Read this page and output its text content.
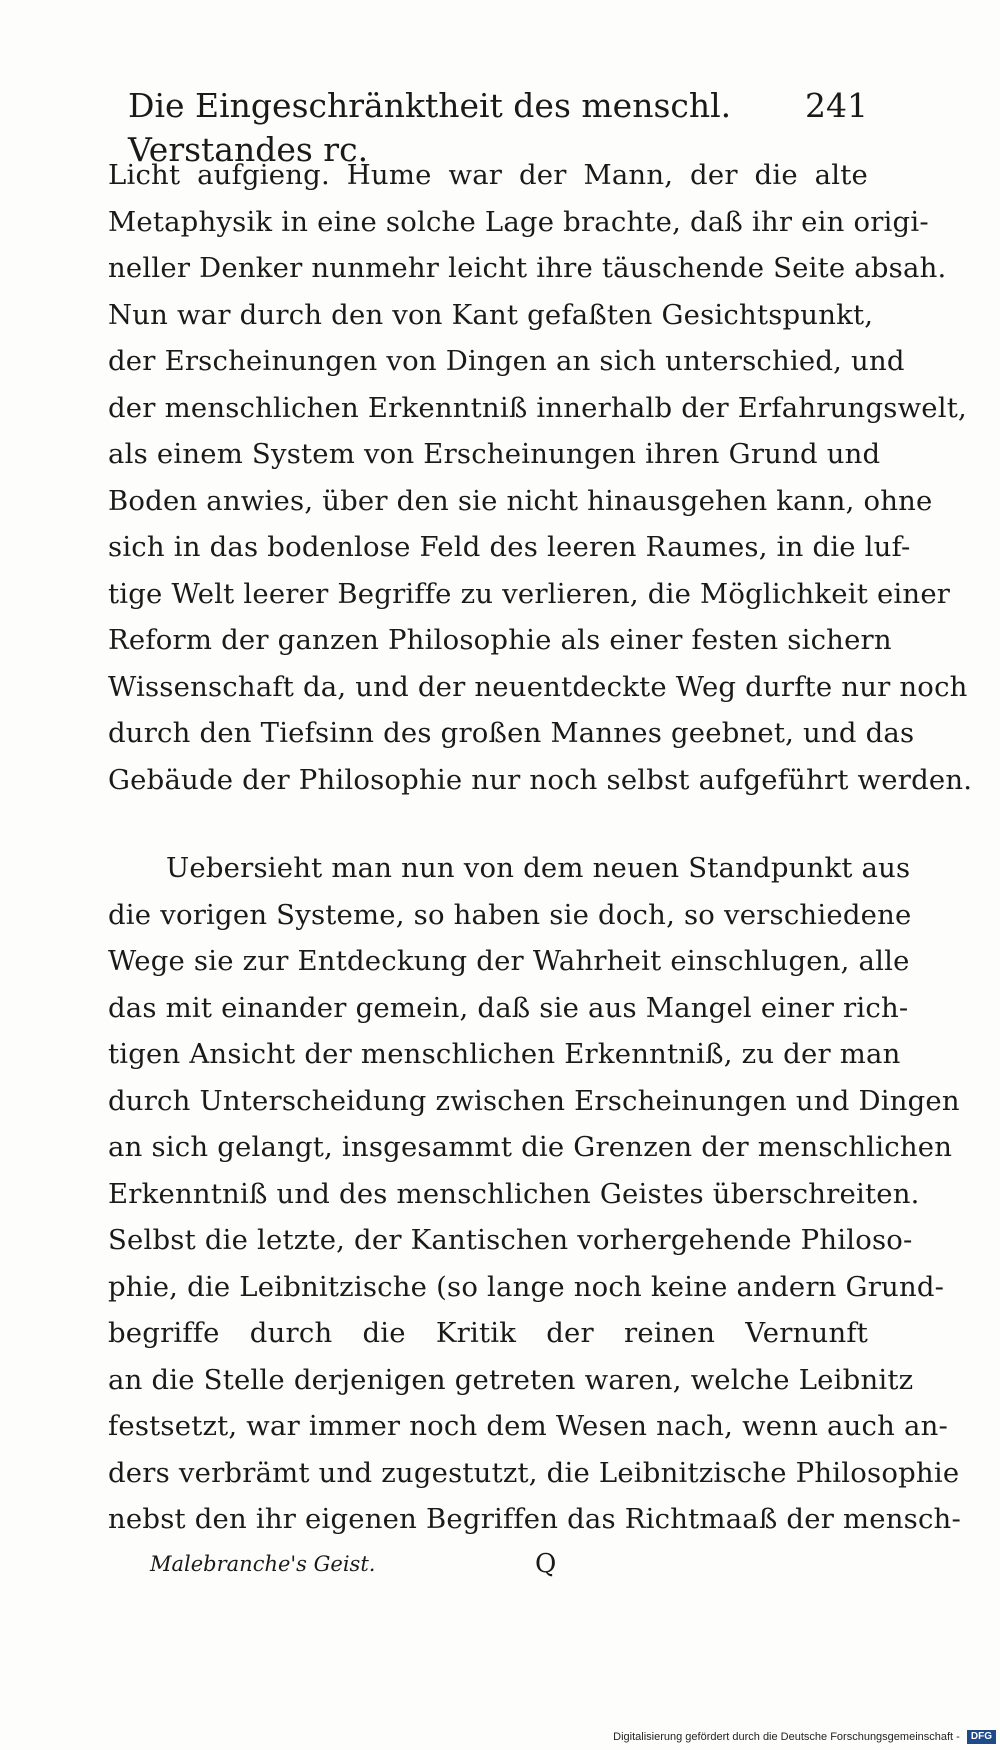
Die Eingeschränktheit des menschl. Verstandes rc.
241
Licht aufgieng. Hume war der Mann, der die alte
Metaphysik in eine solche Lage brachte, daß ihr ein origi-
neller Denker nunmehr leicht ihre täuschende Seite absah.
Nun war durch den von Kant gefaßten Gesichtspunkt,
der Erscheinungen von Dingen an sich unterschied, und
der menschlichen Erkenntniß innerhalb der Erfahrungswelt,
als einem System von Erscheinungen ihren Grund und
Boden anwies, über den sie nicht hinausgehen kann, ohne
sich in das bodenlose Feld des leeren Raumes, in die luf-
tige Welt leerer Begriffe zu verlieren, die Möglichkeit einer
Reform der ganzen Philosophie als einer festen sichern
Wissenschaft da, und der neuentdeckte Weg durfte nur noch
durch den Tiefsinn des großen Mannes geebnet, und das
Gebäude der Philosophie nur noch selbst aufgeführt werden.
Uebersieht man nun von dem neuen Standpunkt aus
die vorigen Systeme, so haben sie doch, so verschiedene
Wege sie zur Entdeckung der Wahrheit einschlugen, alle
das mit einander gemein, daß sie aus Mangel einer rich-
tigen Ansicht der menschlichen Erkenntniß, zu der man
durch Unterscheidung zwischen Erscheinungen und Dingen
an sich gelangt, insgesammt die Grenzen der menschlichen
Erkenntniß und des menschlichen Geistes überschreiten.
Selbst die letzte, der Kantischen vorhergehende Philoso-
phie, die Leibnitzische (so lange noch keine andern Grund-
begriffe durch die Kritik der reinen Vernunft
an die Stelle derjenigen getreten waren, welche Leibnitz
festsetzt, war immer noch dem Wesen nach, wenn auch an-
ders verbrämt und zugestutzt, die Leibnitzische Philosophie
nebst den ihr eigenen Begriffen das Richtmaaß der mensch-
Malebranche's Geist.	Q
Digitalisierung gefördert durch die Deutsche Forschungsgemeinschaft - DFG
